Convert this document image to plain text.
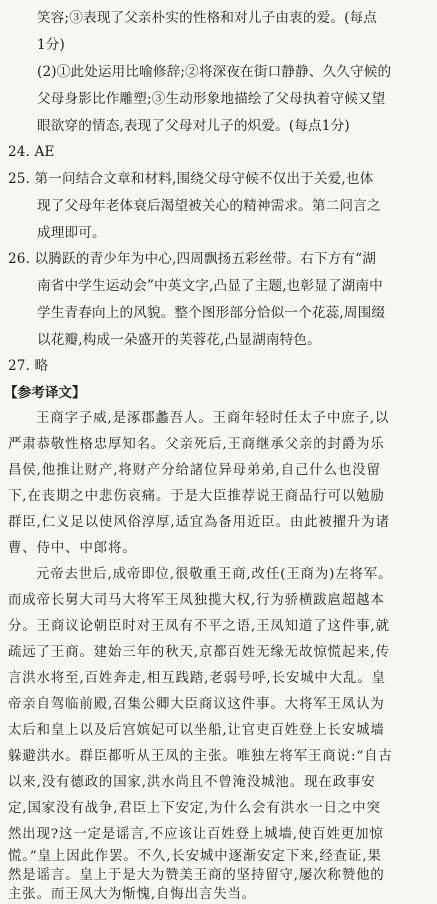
笑容;③表现了父亲朴实的性格和对儿子由衷的爱。(每点
1分)
(2)①此处运用比喻修辞;②将深夜在街口静静、久久守候的
父母身影比作雕塑;③生动形象地描绘了父母执着守候又望
眼欲穿的情态,表现了父母对儿子的炽爱。(每点1分)
24. AE
25. 第一问结合文章和材料,围绕父母守候不仅出于关爱,也体
现了父母年老体衰后渴望被关心的精神需求。第二问言之
成理即可。
26. 以腾跃的青少年为中心,四周飘扬五彩丝带。右下方有“湖
南省中学生运动会”中英文字,凸显了主题,也彰显了湖南中
学生青春向上的风貌。整个图形部分恰似一个花蕊,周围缀
以花瓣,构成一朵盛开的芙蓉花,凸显湖南特色。
27. 略
【参考译文】
王商字子威,是涿郡蠡吾人。王商年轻时任太子中庶子,以
严肃恭敬性格忠厚知名。父亲死后,王商继承父亲的封爵为乐
昌侯,他推让财产,将财产分给諸位异母弟弟,自己什么也没留
下,在丧期之中悲伤哀痛。于是大臣推荐说王商品行可以勉励
群臣,仁义足以使风俗淳厚,适宜為备用近臣。由此被擢升为诸
曹、侍中、中郎将。
元帝去世后,成帝即位,很敬重王商,改任(王商为)左将军。
而成帝长舅大司马大将军王凤独揽大权,行为骄横跋扈超越本
分。王商议论朝臣时对王凤有不平之语,王凤知道了这件事,就
疏远了王商。建始三年的秋天,京都百姓无缘无故惊慌起来,传
言洪水将至,百姓奔走,相互践踏,老弱号呼,长安城中大乱。皇
帝亲自驾临前殿,召集公卿大臣商议这件事。大将军王凤认为
太后和皇上以及后宫嫔妃可以坐船,让官吏百姓登上长安城墙
躲避洪水。群臣都听从王凤的主张。唯独左将军王商说:“自古
以来,没有德政的国家,洪水尚且不曾淹没城池。现在政事安
定,国家没有战争,君臣上下安定,为什么会有洪水一日之中突
然出现?这一定是谣言,不应该让百姓登上城墙,使百姓更加惊
慌。”皇上因此作罢。不久,长安城中逐渐安定下来,经查证,果
然是谣言。皇上于是大为赞美王商的坚持留守,屡次称赞他的
主张。而王凤大为惭愧,自悔出言失当。
